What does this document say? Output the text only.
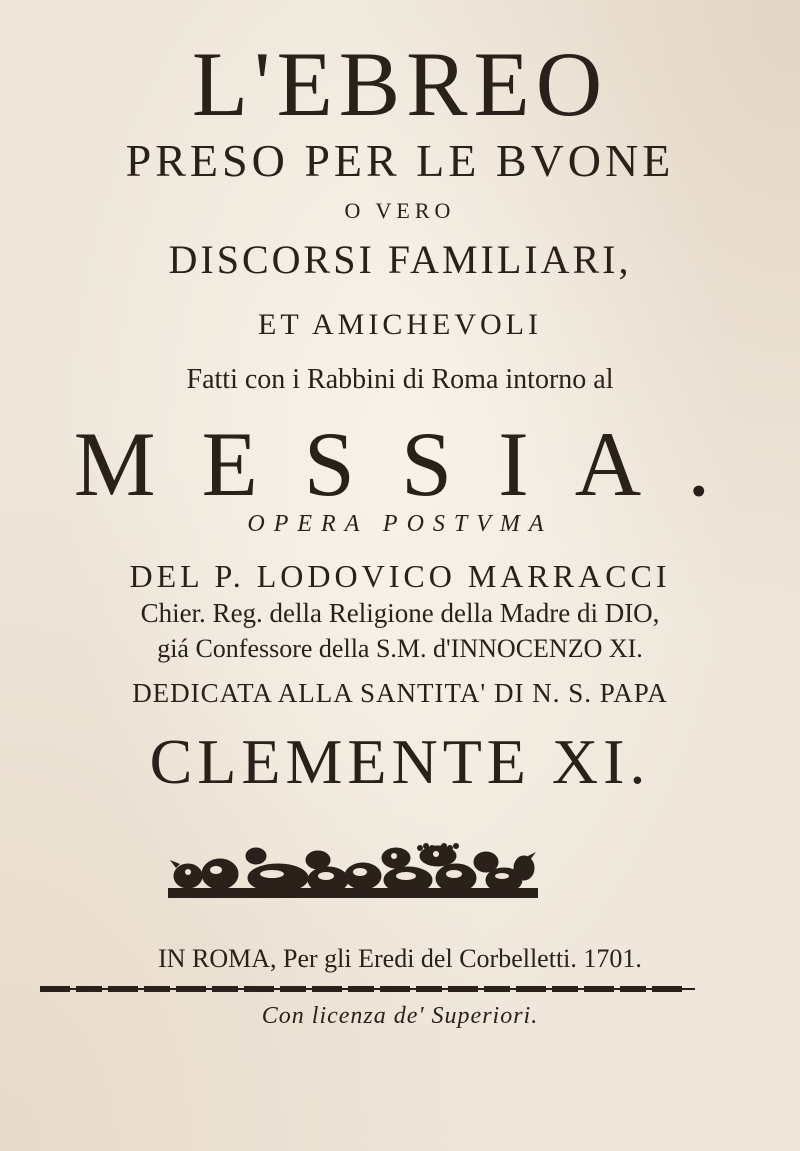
L'EBREO
PRESO PER LE BVONE
O VERO
DISCORSI FAMILIARI,
ET AMICHEVOLI
Fatti con i Rabbini di Roma intorno al
MESSIA.
OPERA POSTVMA
DEL P. LODOVICO MARRACCI
Chier. Reg. della Religione della Madre di DIO,
giá Confessore della S.M. d'INNOCENZO XI.
DEDICATA ALLA SANTITA' DI N. S. PAPA
CLEMENTE XI.
IN ROMA, Per gli Eredi del Corbelletti. 1701.
Con licenza de' Superiori.
